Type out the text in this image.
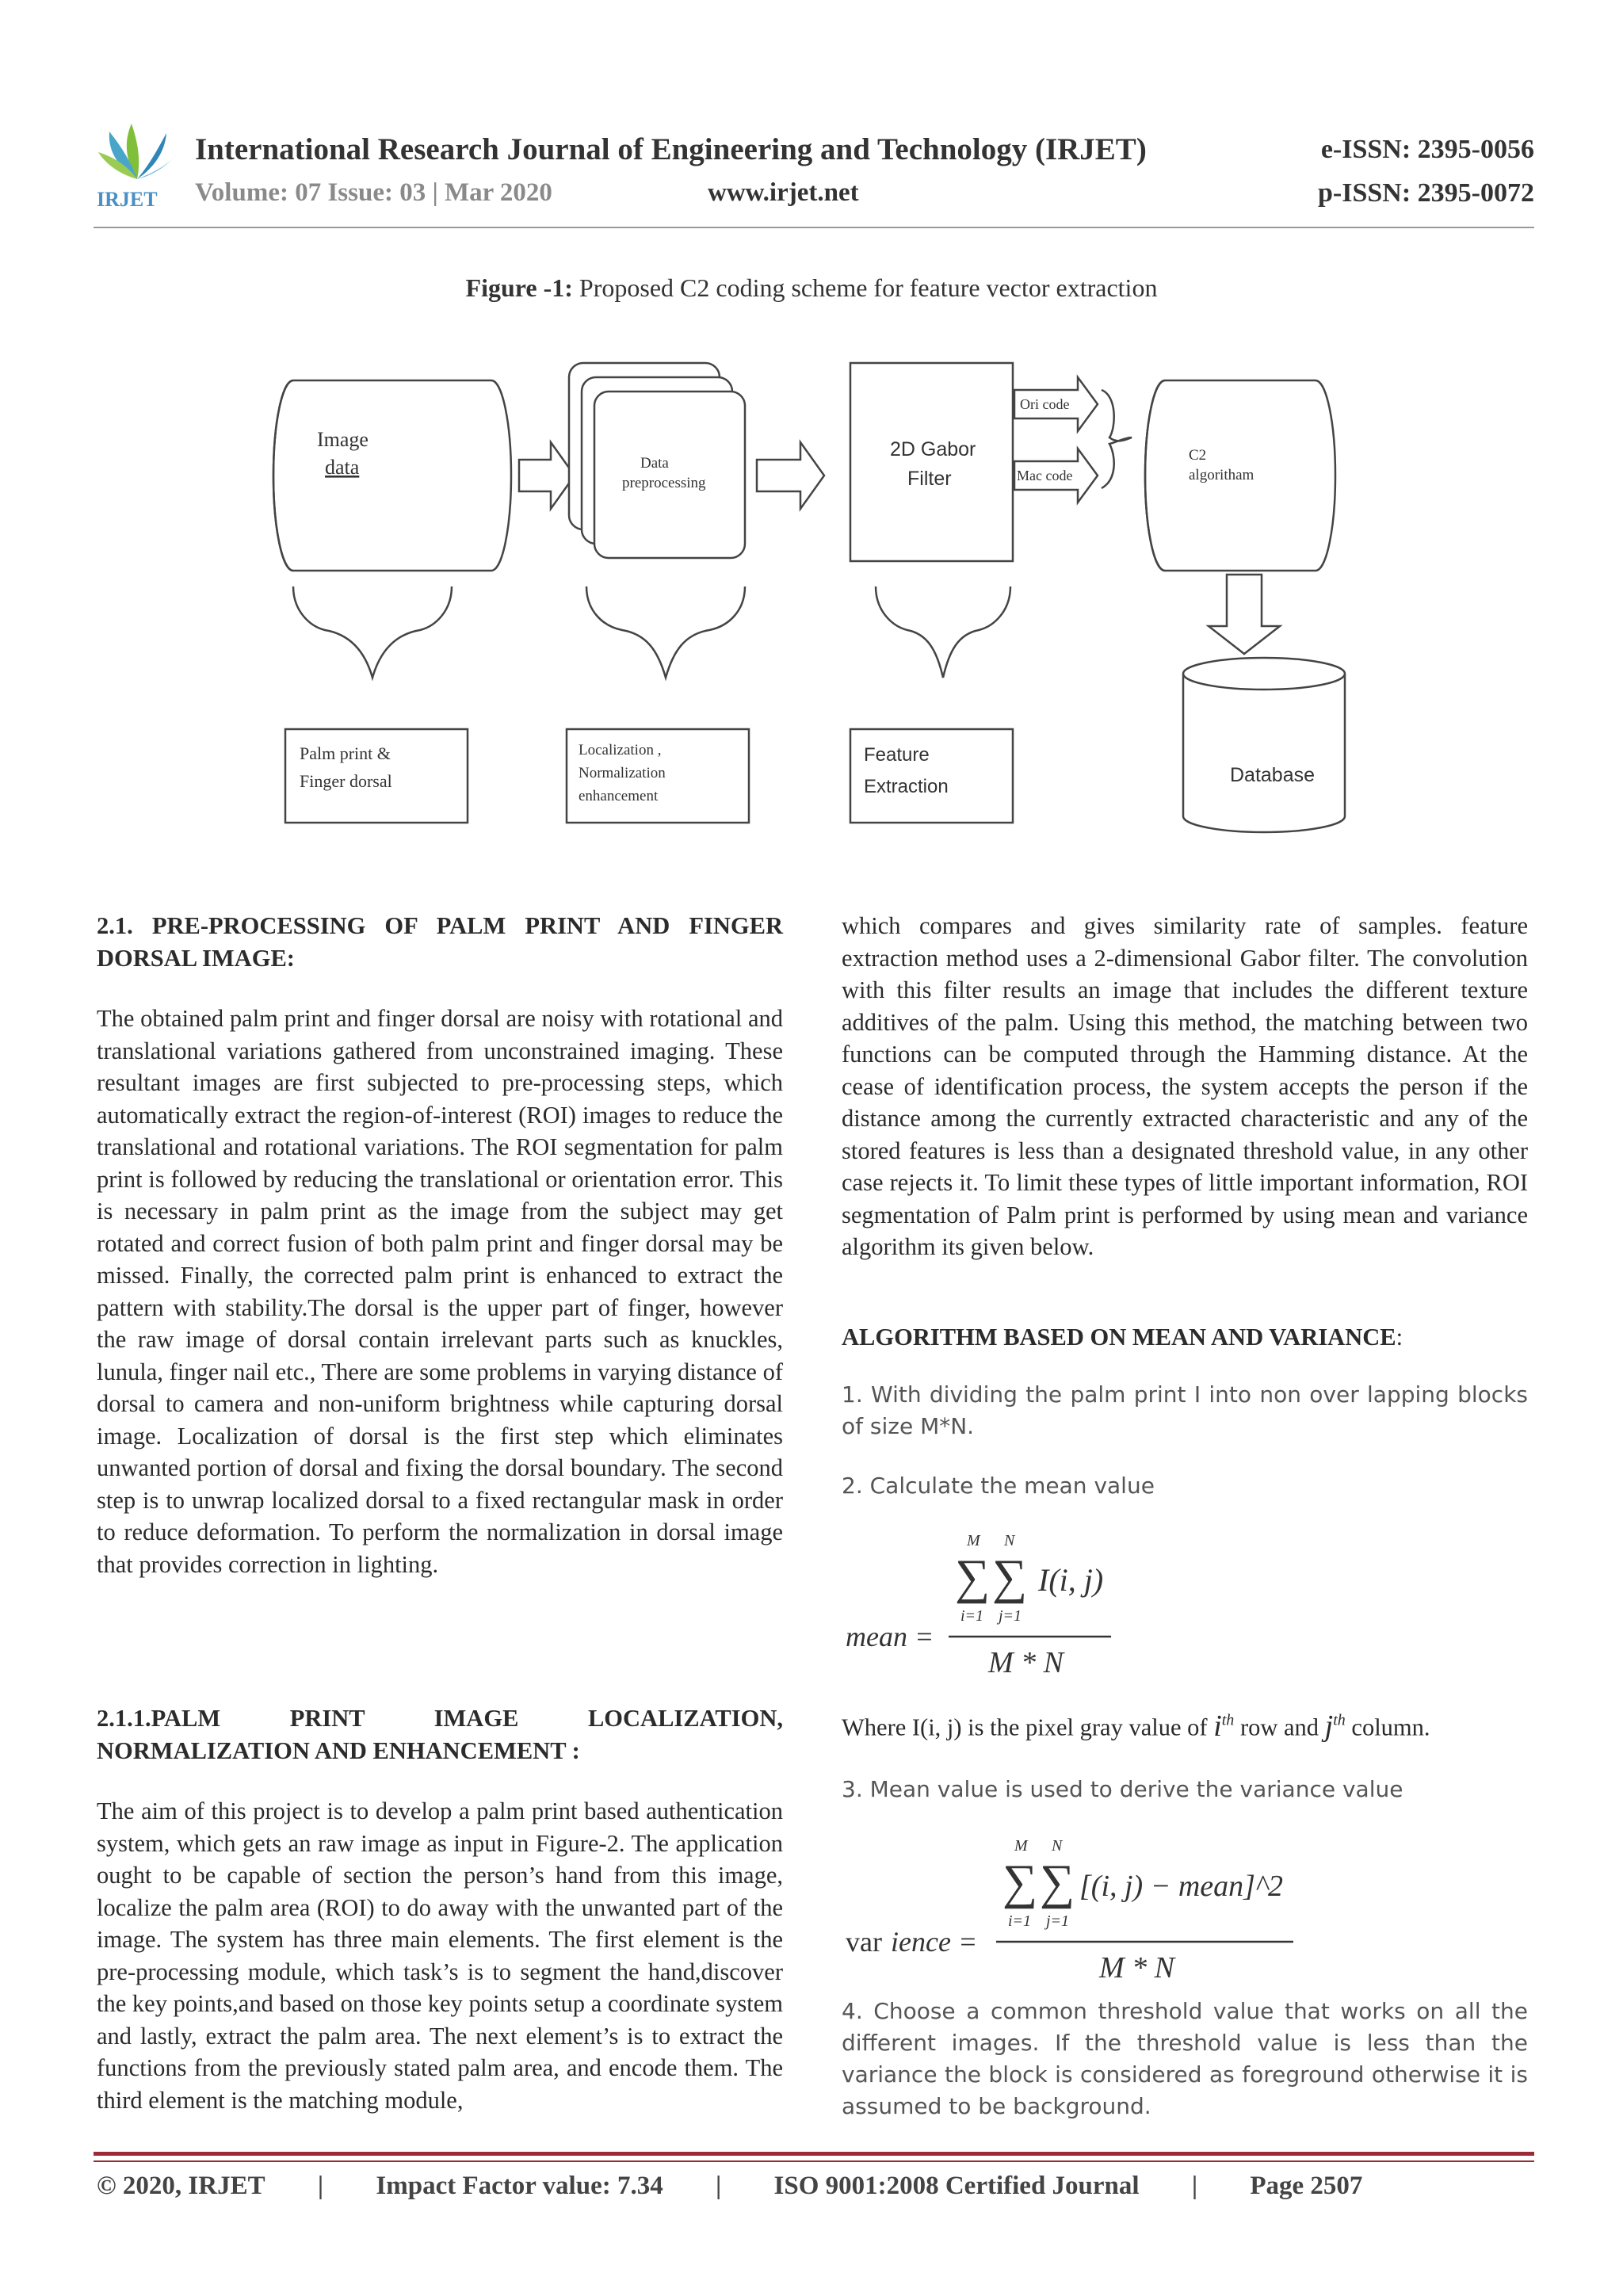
IRJET
International Research Journal of Engineering and Technology (IRJET)
Volume: 07 Issue: 03 | Mar 2020	www.irjet.net
e-ISSN: 2395-0056
p-ISSN: 2395-0072
Figure -1: Proposed C2 coding scheme for feature vector extraction
Image
data	Data
preprocessing
2D Gabor
Filter
Ori code
Mac code
C2
algoritham
Database
Palm print &
Finger dorsal
Localization ,
Normalization
enhancement
Feature
Extraction
2.1. PRE-PROCESSING OF PALM PRINT AND FINGER DORSAL IMAGE:
The obtained palm print and finger dorsal are noisy with rotational and translational variations gathered from unconstrained imaging. These resultant images are first subjected to pre-processing steps, which automatically extract the region-of-interest (ROI) images to reduce the translational and rotational variations. The ROI segmentation for palm print is followed by reducing the translational or orientation error. This is necessary in palm print as the image from the subject may get rotated and correct fusion of both palm print and finger dorsal may be missed. Finally, the corrected palm print is enhanced to extract the pattern with stability.The dorsal is the upper part of finger, however the raw image of dorsal contain irrelevant parts such as knuckles, lunula, finger nail etc., There are some problems in varying distance of dorsal to camera and non-uniform brightness while capturing dorsal image. Localization of dorsal is the first step which eliminates unwanted portion of dorsal and fixing the dorsal boundary. The second step is to unwrap localized dorsal to a fixed rectangular mask in order to reduce deformation. To perform the normalization in dorsal image that provides correction in lighting.
2.1.1.PALM PRINT IMAGE LOCALIZATION, NORMALIZATION AND ENHANCEMENT :
The aim of this project is to develop a palm print based authentication system, which gets an raw image as input in Figure-2. The application ought to be capable of section the person’s hand from this image, localize the palm area (ROI) to do away with the unwanted part of the image. The system has three main elements. The first element is the pre-processing module, which task’s is to segment the hand,discover the key points,and based on those key points setup a coordinate system and lastly, extract the palm area. The next element’s is to extract the functions from the previously stated palm area, and encode them. The third element is the matching module,
which compares and gives similarity rate of samples. feature extraction method uses a 2-dimensional Gabor filter. The convolution with this filter results an image that includes the different texture additives of the palm. Using this method, the matching between two functions can be computed through the Hamming distance. At the cease of identification process, the system accepts the person if the distance among the currently extracted characteristic and any of the stored features is less than a designated threshold value, in any other case rejects it. To limit these types of little important information, ROI segmentation of Palm print is performed by using mean and variance algorithm its given below.
ALGORITHM BASED ON MEAN AND VARIANCE:
1. With dividing the palm print I into non over lapping blocks of size M*N.
2. Calculate the mean value
M N
∑ ∑
i=1 j=1
I(i, j)
mean =
M * N
Where I(i, j) is the pixel gray value of $i^{th}$ row and $j^{th}$ column.
3. Mean value is used to derive the variance value
M N
∑ ∑
i=1 j=1
[(i, j) − mean]^2
var ience =
M * N
4. Choose a common threshold value that works on all the different images. If the threshold value is less than the variance the block is considered as foreground otherwise it is assumed to be background.
© 2020, IRJET | Impact Factor value: 7.34 | ISO 9001:2008 Certified Journal | Page 2507
